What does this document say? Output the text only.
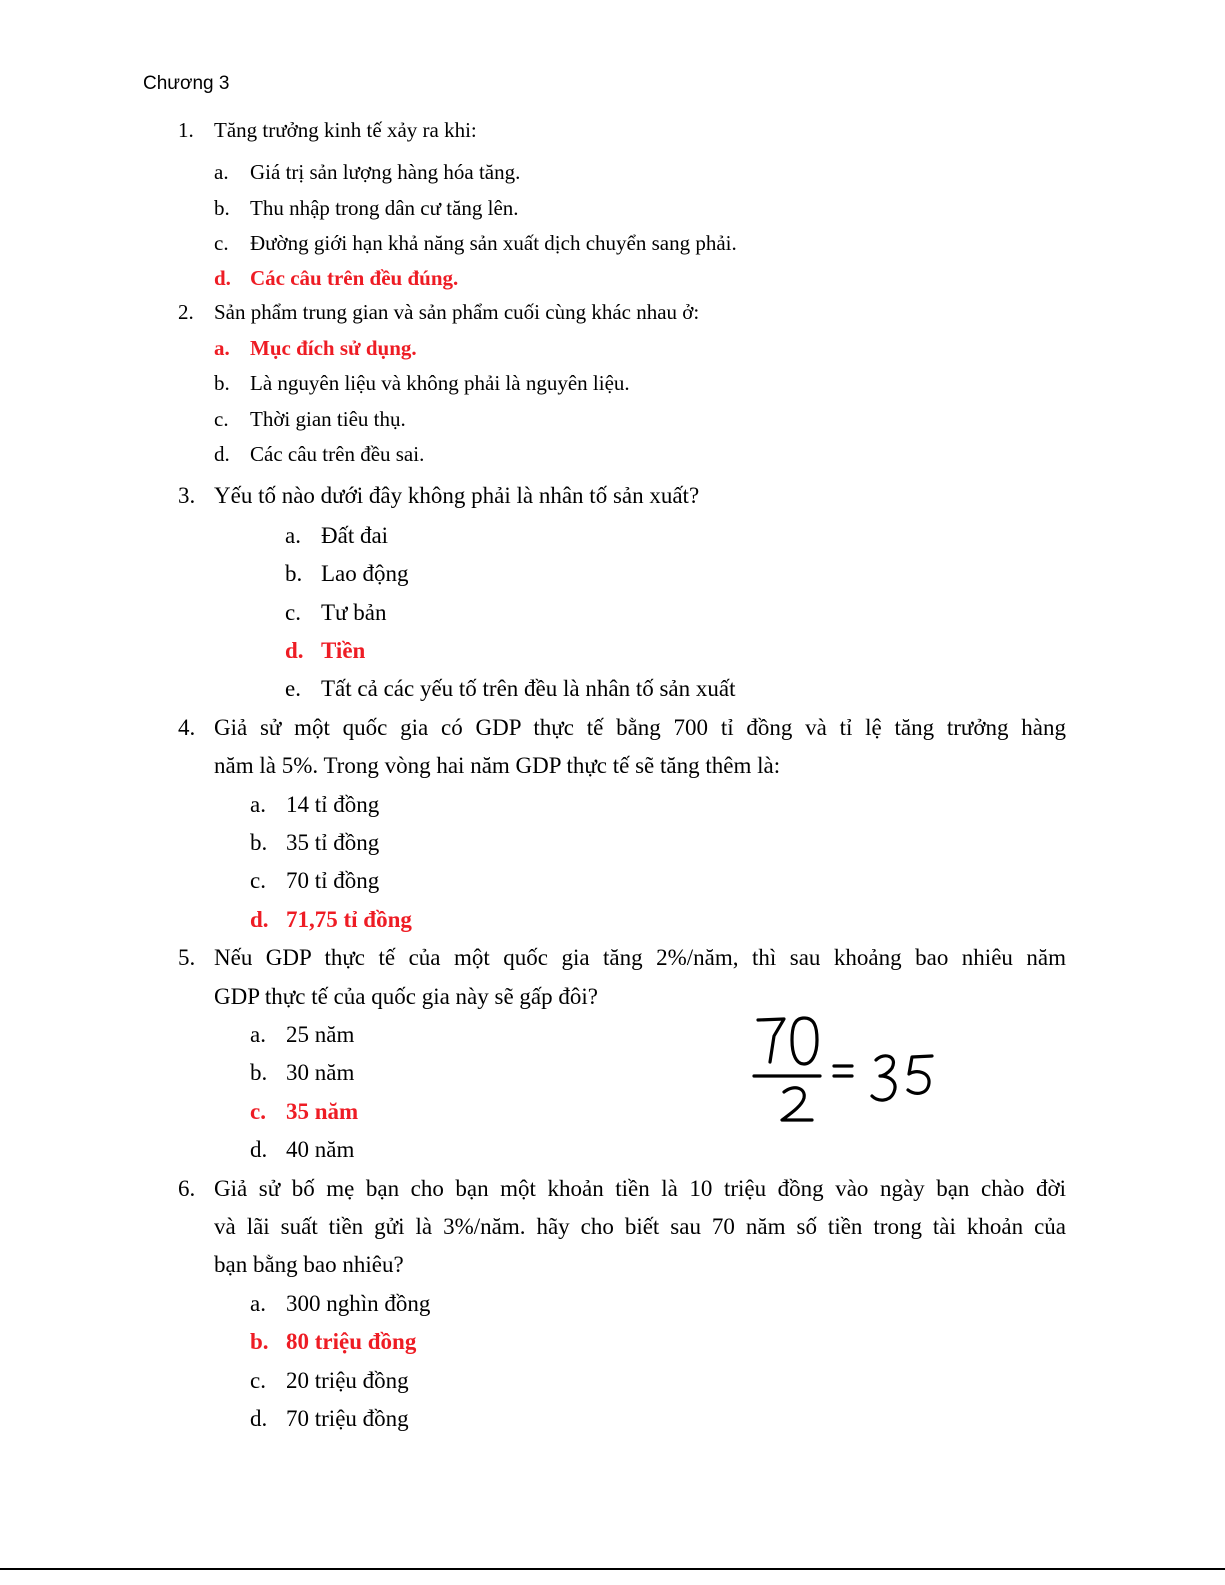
Chương 3
1. Tăng trưởng kinh tế xảy ra khi:
a. Giá trị sản lượng hàng hóa tăng.
b. Thu nhập trong dân cư tăng lên.
c. Đường giới hạn khả năng sản xuất dịch chuyển sang phải.
d. Các câu trên đều đúng.
2. Sản phẩm trung gian và sản phẩm cuối cùng khác nhau ở:
a. Mục đích sử dụng.
b. Là nguyên liệu và không phải là nguyên liệu.
c. Thời gian tiêu thụ.
d. Các câu trên đều sai.
3. Yếu tố nào dưới đây không phải là nhân tố sản xuất?
a. Đất đai
b. Lao động
c. Tư bản
d. Tiền
e. Tất cả các yếu tố trên đều là nhân tố sản xuất
4. Giả sử một quốc gia có GDP thực tế bằng 700 tỉ đồng và tỉ lệ tăng trưởng hàng
năm là 5%. Trong vòng hai năm GDP thực tế sẽ tăng thêm là:
a. 14 tỉ đồng
b. 35 tỉ đồng
c. 70 tỉ đồng
d. 71,75 tỉ đồng
5. Nếu GDP thực tế của một quốc gia tăng 2%/năm, thì sau khoảng bao nhiêu năm
GDP thực tế của quốc gia này sẽ gấp đôi?
a. 25 năm
b. 30 năm
c. 35 năm
d. 40 năm
6. Giả sử bố mẹ bạn cho bạn một khoản tiền là 10 triệu đồng vào ngày bạn chào đời
và lãi suất tiền gửi là 3%/năm. hãy cho biết sau 70 năm số tiền trong tài khoản của
bạn bằng bao nhiêu?
a. 300 nghìn đồng
b. 80 triệu đồng
c. 20 triệu đồng
d. 70 triệu đồng
